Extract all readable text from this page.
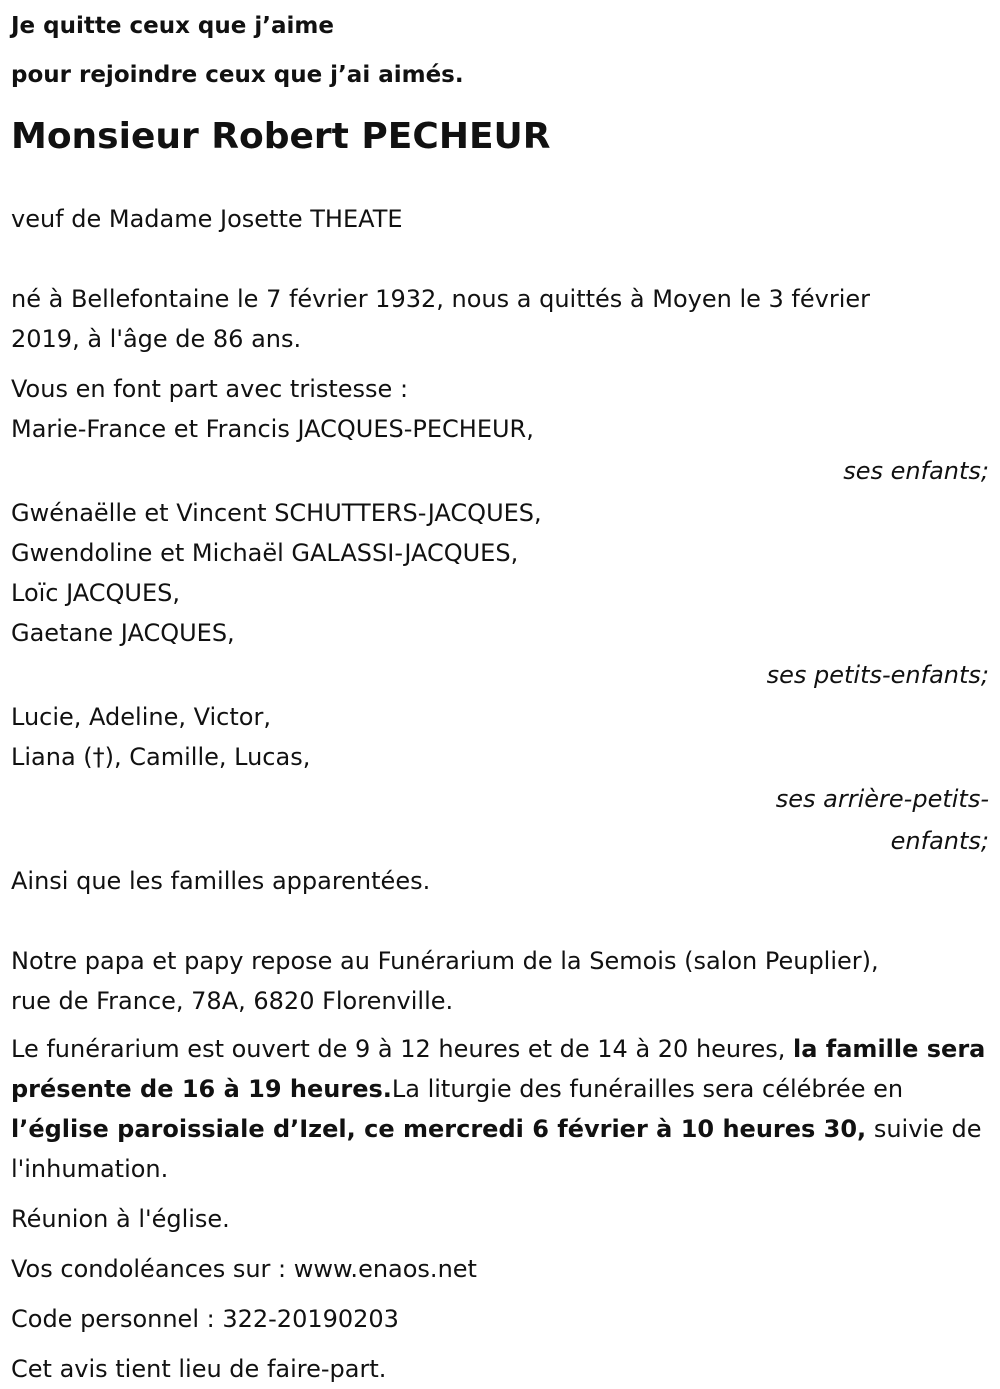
Je quitte ceux que j’aime
pour rejoindre ceux que j’ai aimés.
Monsieur Robert PECHEUR

veuf de Madame Josette THEATE

né à Bellefontaine le 7 février 1932, nous a quittés à Moyen le 3 février
2019, à l'âge de 86 ans.

Vous en font part avec tristesse :

Marie-France et Francis JACQUES-PECHEUR,
ses enfants;
Gwénaëlle et Vincent SCHUTTERS-JACQUES,
Gwendoline et Michaël GALASSI-JACQUES,
Loïc JACQUES,
Gaetane JACQUES,
ses petits-enfants;
Lucie, Adeline, Victor,
Liana (†), Camille, Lucas,
ses arrière-petits-
enfants;

Ainsi que les familles apparentées.

Notre papa et papy repose au Funérarium de la Semois (salon Peuplier),
rue de France, 78A, 6820 Florenville.

Le funérarium est ouvert de 9 à 12 heures et de 14 à 20 heures, la famille sera présente de 16 à 19 heures.La liturgie des funérailles sera célébrée en l’église paroissiale d’Izel, ce mercredi 6 février à 10 heures 30, suivie de l'inhumation.

Réunion à l'église.

Vos condoléances sur : www.enaos.net

Code personnel : 322-20190203

Cet avis tient lieu de faire-part.
